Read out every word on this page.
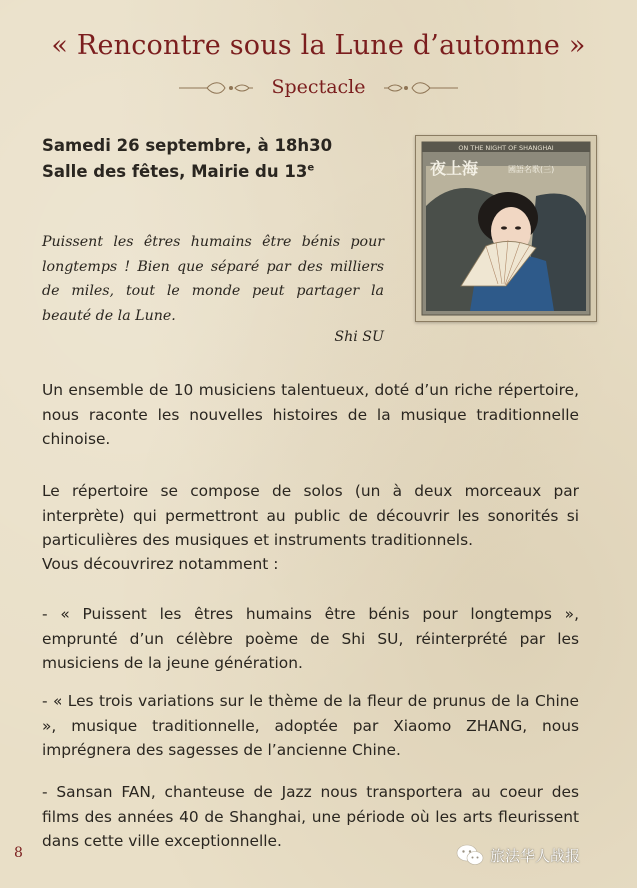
« Rencontre sous la Lune d’automne »
Spectacle
Samedi 26 septembre, à 18h30
Salle des fêtes, Mairie du 13e
ON THE NIGHT OF SHANGHAI
夜上海	國語名歌(三)
Puissent les êtres humains être bénis pour longtemps ! Bien que séparé par des milliers de miles, tout le monde peut partager la beauté de la Lune.
Shi SU
Un ensemble de 10 musiciens talentueux, doté d’un riche répertoire, nous raconte les nouvelles histoires de la musique traditionnelle chinoise.
Le répertoire se compose de solos (un à deux morceaux par interprète) qui permettront au public de découvrir les sonorités si particulières des musiques et instruments traditionnels.
Vous découvrirez notamment :
- « Puissent les êtres humains être bénis pour longtemps », emprunté d’un célèbre poème de Shi SU, réinterprété par les musiciens de la jeune génération.
- « Les trois variations sur le thème de la fleur de prunus de la Chine », musique traditionnelle, adoptée par Xiaomo ZHANG, nous imprégnera des sagesses de l’ancienne Chine.
- Sansan FAN, chanteuse de Jazz nous transportera au coeur des films des années 40 de Shanghai, une période où les arts fleurissent dans cette ville exceptionnelle.
8	旅法华人战报
